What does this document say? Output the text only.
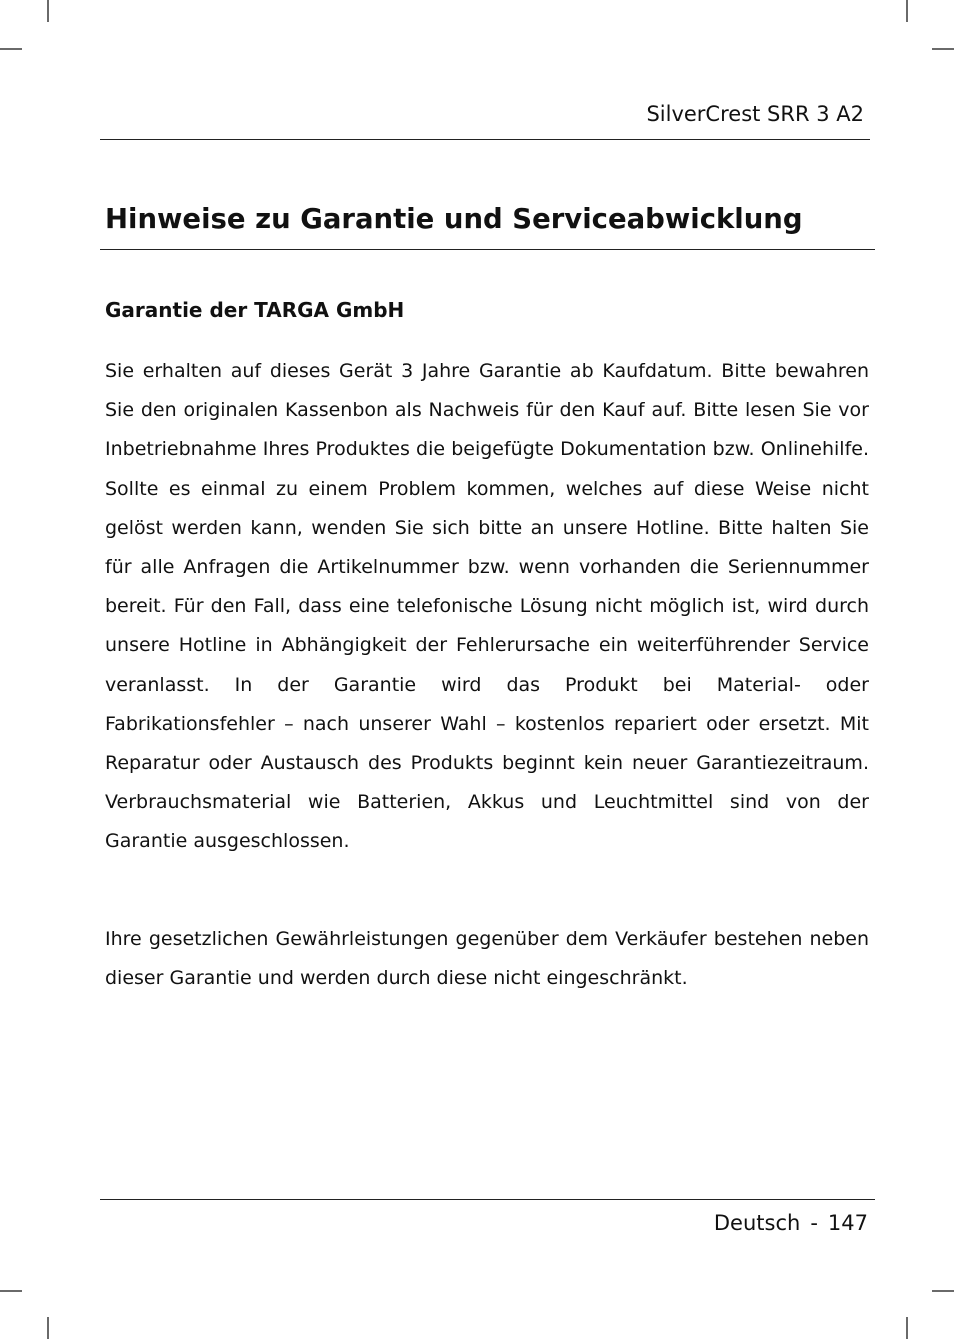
SilverCrest SRR 3 A2
Hinweise zu Garantie und Serviceabwicklung
Garantie der TARGA GmbH

Sie erhalten auf dieses Gerät 3 Jahre Garantie ab Kaufdatum. Bitte bewahren Sie den originalen Kassenbon als Nachweis für den Kauf auf. Bitte lesen Sie vor Inbetriebnahme Ihres Produktes die beigefügte Dokumentation bzw. Onlinehilfe. Sollte es einmal zu einem Problem kommen, welches auf diese Weise nicht gelöst werden kann, wenden Sie sich bitte an unsere Hotline. Bitte halten Sie für alle Anfragen die Artikelnummer bzw. wenn vorhanden die Seriennummer bereit. Für den Fall, dass eine telefonische Lösung nicht möglich ist, wird durch unsere Hotline in Abhängigkeit der Fehlerursache ein weiterführender Service veranlasst. In der Garantie wird das Produkt bei Material- oder Fabrikationsfehler – nach unserer Wahl – kostenlos repariert oder ersetzt. Mit Reparatur oder Austausch des Produkts beginnt kein neuer Garantiezeitraum. Verbrauchsmaterial wie Batterien, Akkus und Leuchtmittel sind von der Garantie ausgeschlossen.

Ihre gesetzlichen Gewährleistungen gegenüber dem Verkäufer bestehen neben dieser Garantie und werden durch diese nicht eingeschränkt.

Deutsch - 147
